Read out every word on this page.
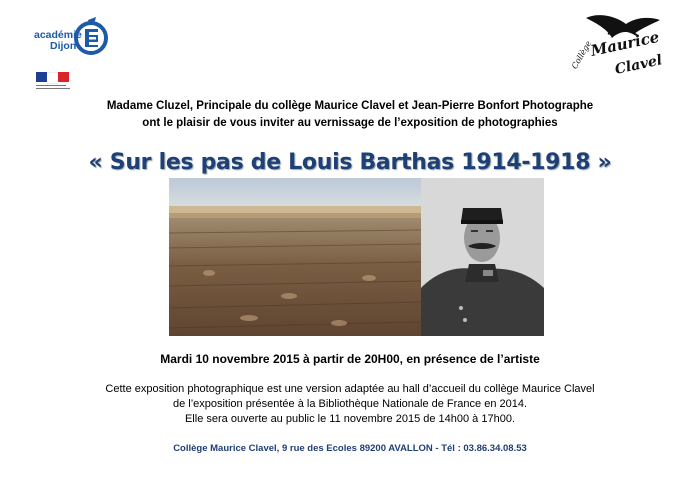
académie
Dijon	Collège
Maurice
Clavel
Madame Cluzel, Principale du collège Maurice Clavel et Jean-Pierre Bonfort Photographe
ont le plaisir de vous inviter au vernissage de l’exposition de photographies
« Sur les pas de Louis Barthas 1914-1918 »
Mardi 10 novembre 2015 à partir de 20H00, en présence de l’artiste
Cette exposition photographique est une version adaptée au hall d’accueil du collège Maurice Clavel
de l’exposition présentée à la Bibliothèque Nationale de France en 2014.
Elle sera ouverte au public le 11 novembre 2015 de 14h00 à 17h00.
Collège Maurice Clavel, 9 rue des Ecoles 89200 AVALLON - Tél : 03.86.34.08.53
